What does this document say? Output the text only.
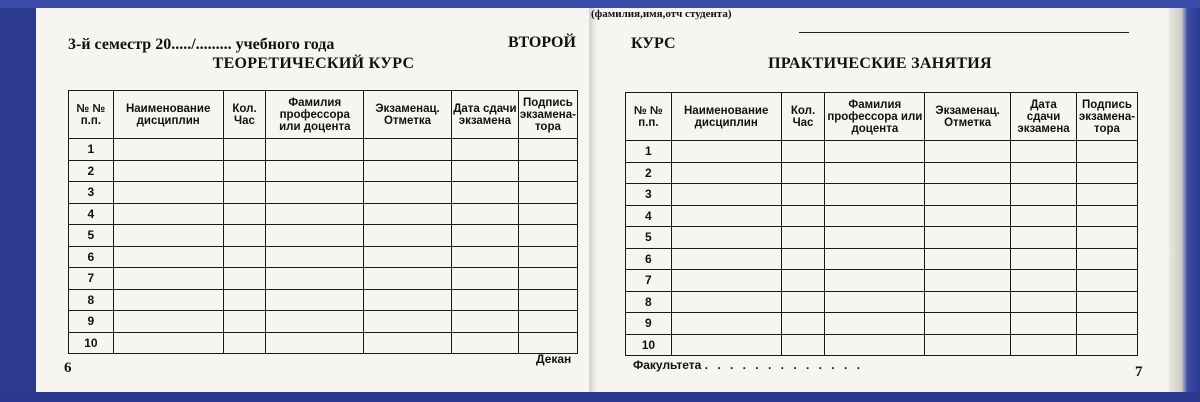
3-й семестр 20...../......... учебного года	ВТОРОЙ
ТЕОРЕТИЧЕСКИЙ КУРС
№ № п.п.	Наименование дисциплин	Кол. Час	Фамилия профессора или доцента	Экзаменац. Отметка	Дата сдачи экзамена	Подпись экзамена-тора
1						
2						
3						
4						
5						
6						
7						
8						
9						
10						
6
Декан
КУРС
(фамилия,имя,отч студента)
ПРАКТИЧЕСКИЕ ЗАНЯТИЯ
№ № п.п.	Наименование дисциплин	Кол. Час	Фамилия профессора или доцента	Экзаменац. Отметка	Дата сдачи экзамена	Подпись экзамена-тора
1						
2						
3						
4						
5						
6						
7						
8						
9						
10						
Факультета . . . . . . . . . . . . .	7
